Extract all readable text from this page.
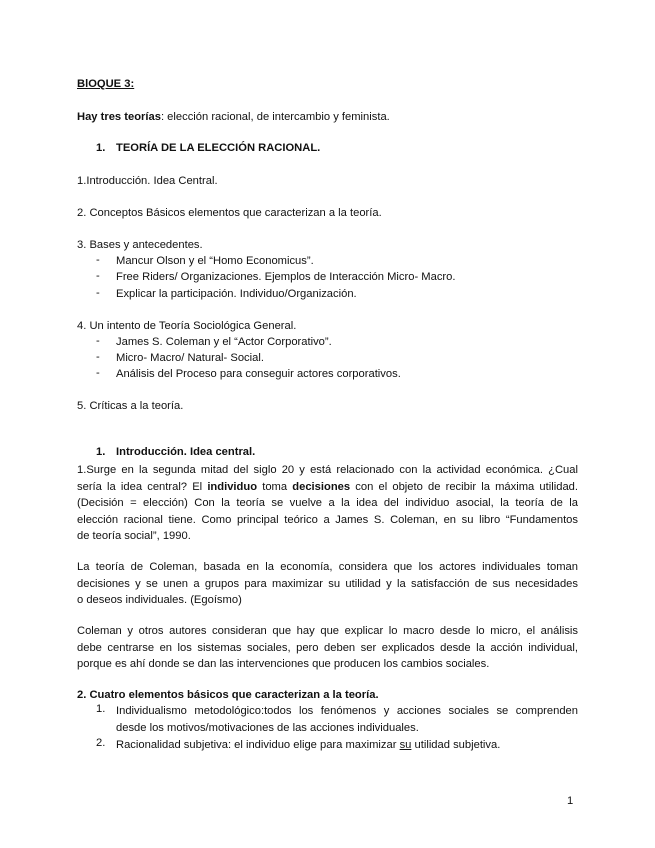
BlOQUE 3:
Hay tres teorías: elección racional, de intercambio y feminista.
1. TEORÍA DE LA ELECCIÓN RACIONAL.
1.Introducción. Idea Central.
2. Conceptos Básicos elementos que caracterizan a la teoría.
3. Bases y antecedentes.
- Mancur Olson y el “Homo Economicus”.
- Free Riders/ Organizaciones. Ejemplos de Interacción Micro- Macro.
- Explicar la participación. Individuo/Organización.
4. Un intento de Teoría Sociológica General.
- James S. Coleman y el “Actor Corporativo”.
- Micro- Macro/ Natural- Social.
- Análisis del Proceso para conseguir actores corporativos.
5. Críticas a la teoría.
1. Introducción. Idea central.
1.Surge en la segunda mitad del siglo 20 y está relacionado con la actividad económica. ¿Cual
sería la idea central? El individuo toma decisiones con el objeto de recibir la máxima utilidad.
(Decisión = elección) Con la teoría se vuelve a la idea del individuo asocial, la teoría de la
elección racional tiene. Como principal teórico a James S. Coleman, en su libro “Fundamentos
de teoría social”, 1990.
La teoría de Coleman, basada en la economía, considera que los actores individuales toman
decisiones y se unen a grupos para maximizar su utilidad y la satisfacción de sus necesidades
o deseos individuales. (Egoísmo)
Coleman y otros autores consideran que hay que explicar lo macro desde lo micro, el análisis
debe centrarse en los sistemas sociales, pero deben ser explicados desde la acción individual,
porque es ahí donde se dan las intervenciones que producen los cambios sociales.
2. Cuatro elementos básicos que caracterizan a la teoría.
1. Individualismo metodológico:todos los fenómenos y acciones sociales se comprenden
desde los motivos/motivaciones de las acciones individuales.
2. Racionalidad subjetiva: el individuo elige para maximizar su utilidad subjetiva.
1
